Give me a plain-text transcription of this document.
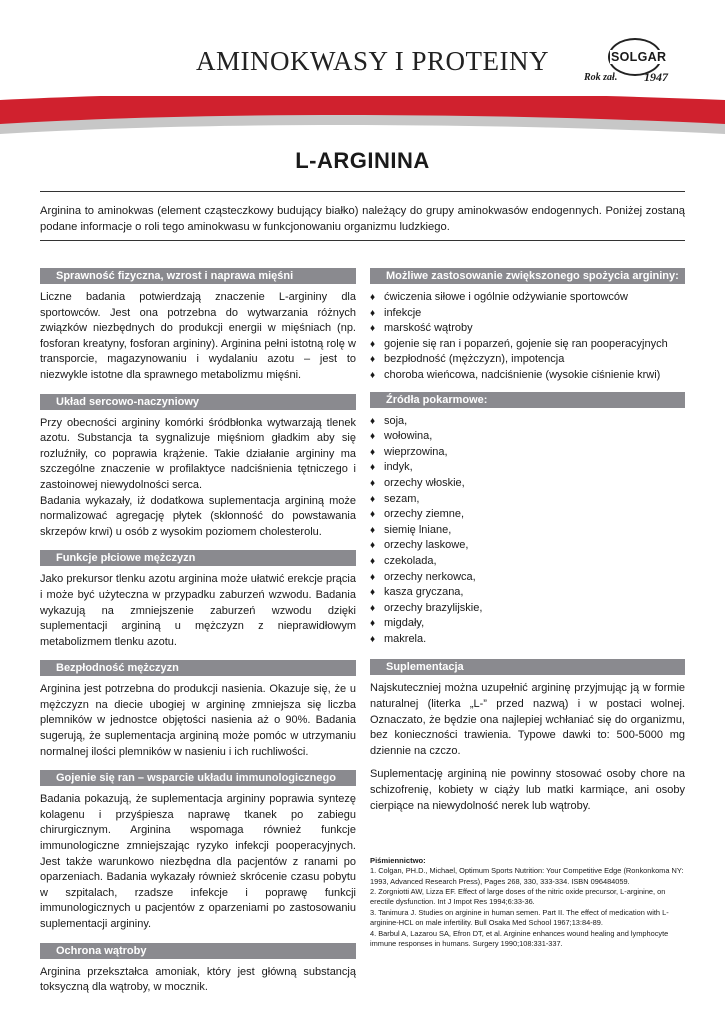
AMINOKWASY I PROTEINY	SOLGAR
Rok zał. 1947
L-ARGININA
Arginina to aminokwas (element cząsteczkowy budujący białko) należący do grupy aminokwasów endogennych. Poniżej zostaną podane informacje o roli tego aminokwasu w funkcjonowaniu organizmu ludzkiego.
Sprawność fizyczna, wzrost i naprawa mięśni

Liczne badania potwierdzają znaczenie L-argininy dla sportowców. Jest ona potrzebna do wytwarzania różnych związków niezbędnych do produkcji energii w mięśniach (np. fosforan kreatyny, fosforan argininy). Arginina pełni istotną rolę w transporcie, magazynowaniu i wydalaniu azotu – jest to niezwykle istotne dla sprawnego metabolizmu mięśni.

Układ sercowo-naczyniowy

Przy obecności argininy komórki śródbłonka wytwarzają tlenek azotu. Substancja ta sygnalizuje mięśniom gładkim aby się rozluźniły, co poprawia krążenie. Takie działanie argininy ma szczególne znaczenie w profilaktyce nadciśnienia tętniczego i zastoinowej niewydolności serca.

Badania wykazały, iż dodatkowa suplementacja argininą może normalizować agregację płytek (skłonność do powstawania skrzepów krwi) u osób z wysokim poziomem cholesterolu.

Funkcje płciowe mężczyzn

Jako prekursor tlenku azotu arginina może ułatwić erekcje prącia i może być użyteczna w przypadku zaburzeń wzwodu. Badania wykazują na zmniejszenie zaburzeń wzwodu dzięki suplementacji argininą u mężczyzn z nieprawidłowym metabolizmem tlenku azotu.

Bezpłodność mężczyzn

Arginina jest potrzebna do produkcji nasienia. Okazuje się, że u mężczyzn na diecie ubogiej w argininę zmniejsza się liczba plemników w jednostce objętości nasienia aż o 90%. Badania sugerują, że suplementacja argininą może pomóc w utrzymaniu normalnej ilości plemników w nasieniu i ich ruchliwości.

Gojenie się ran – wsparcie układu immunologicznego

Badania pokazują, że suplementacja argininy poprawia syntezę kolagenu i przyśpiesza naprawę tkanek po zabiegu chirurgicznym. Arginina wspomaga również funkcje immunologiczne zmniejszając ryzyko infekcji pooperacyjnych. Jest także warunkowo niezbędna dla pacjentów z ranami po oparzeniach. Badania wykazały również skrócenie czasu pobytu w szpitalach, rzadsze infekcje i poprawę funkcji immunologicznych u pacjentów z oparzeniami po zastosowaniu suplementacji argininy.

Ochrona wątroby

Arginina przekształca amoniak, który jest główną substancją toksyczną dla wątroby, w mocznik.

Możliwe zastosowanie zwiększonego spożycia argininy:
♦ ćwiczenia siłowe i ogólnie odżywianie sportowców
♦ infekcje
♦ marskość wątroby
♦ gojenie się ran i poparzeń, gojenie się ran pooperacyjnych
♦ bezpłodność (mężczyzn), impotencja
♦ choroba wieńcowa, nadciśnienie (wysokie ciśnienie krwi)
Źródła pokarmowe:
♦ soja,
♦ wołowina,
♦ wieprzowina,
♦ indyk,
♦ orzechy włoskie,
♦ sezam,
♦ orzechy ziemne,
♦ siemię lniane,
♦ orzechy laskowe,
♦ czekolada,
♦ orzechy nerkowca,
♦ kasza gryczana,
♦ orzechy brazylijskie,
♦ migdały,
♦ makrela.
Suplementacja

Najskuteczniej można uzupełnić argininę przyjmując ją w formie naturalnej (literka „L-” przed nazwą) i w postaci wolnej. Oznaczato, że będzie ona najlepiej wchłaniać się do organizmu, bez konieczności trawienia. Typowe dawki to: 500-5000 mg dziennie na czczo.

Suplementację argininą nie powinny stosować osoby chore na schizofrenię, kobiety w ciąży lub matki karmiące, ani osoby cierpiące na niewydolność nerek lub wątroby.

Piśmiennictwo:

1. Colgan, PH.D., Michael, Optimum Sports Nutrition: Your Competitive Edge (Ronkonkoma NY: 1993, Advanced Research Press), Pages 268, 330, 333-334. ISBN 096484059.

2. Zorgniotti AW, Lizza EF. Effect of large doses of the nitric oxide precursor, L-arginine, on erectile dysfunction. Int J Impot Res 1994;6:33-36.

3. Tanimura J. Studies on arginine in human semen. Part II. The effect of medication with L-arginine-HCL on male infertility. Bull Osaka Med School 1967;13:84-89.

4. Barbul A, Lazarou SA, Efron DT, et al. Arginine enhances wound healing and lymphocyte immune responses in humans. Surgery 1990;108:331-337.
